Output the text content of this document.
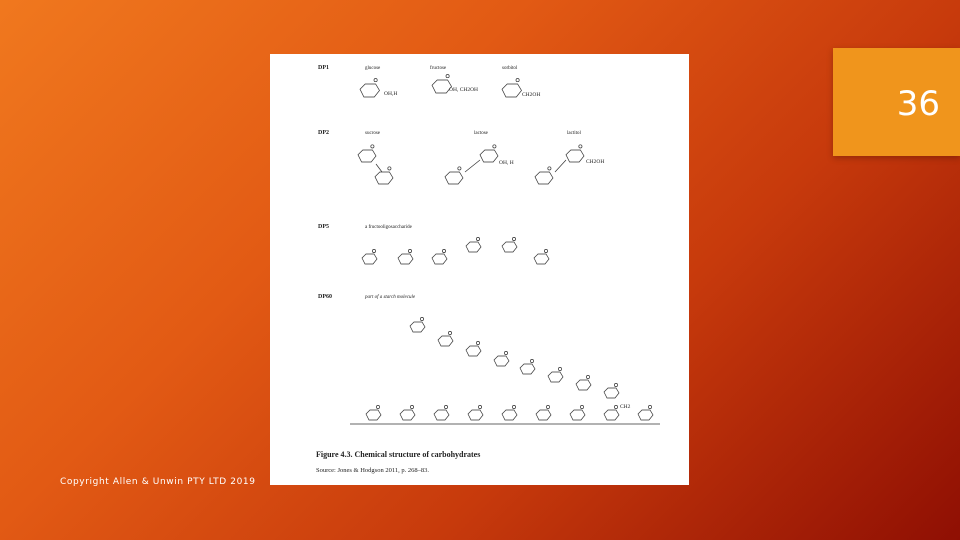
36
DP1
DP2
DP5
DP60
glucose	fructose	sorbitol
OH,H
OH, CH2OH
CH2OH
sucrose	lactose	lactitol
OH, H	CH2OH
a fructooligosaccharide
part of a starch molecule
CH2
Figure 4.3. Chemical structure of carbohydrates
Source: Jones & Hodgson 2011, p. 268–83.
Copyright Allen & Unwin PTY LTD 2019
